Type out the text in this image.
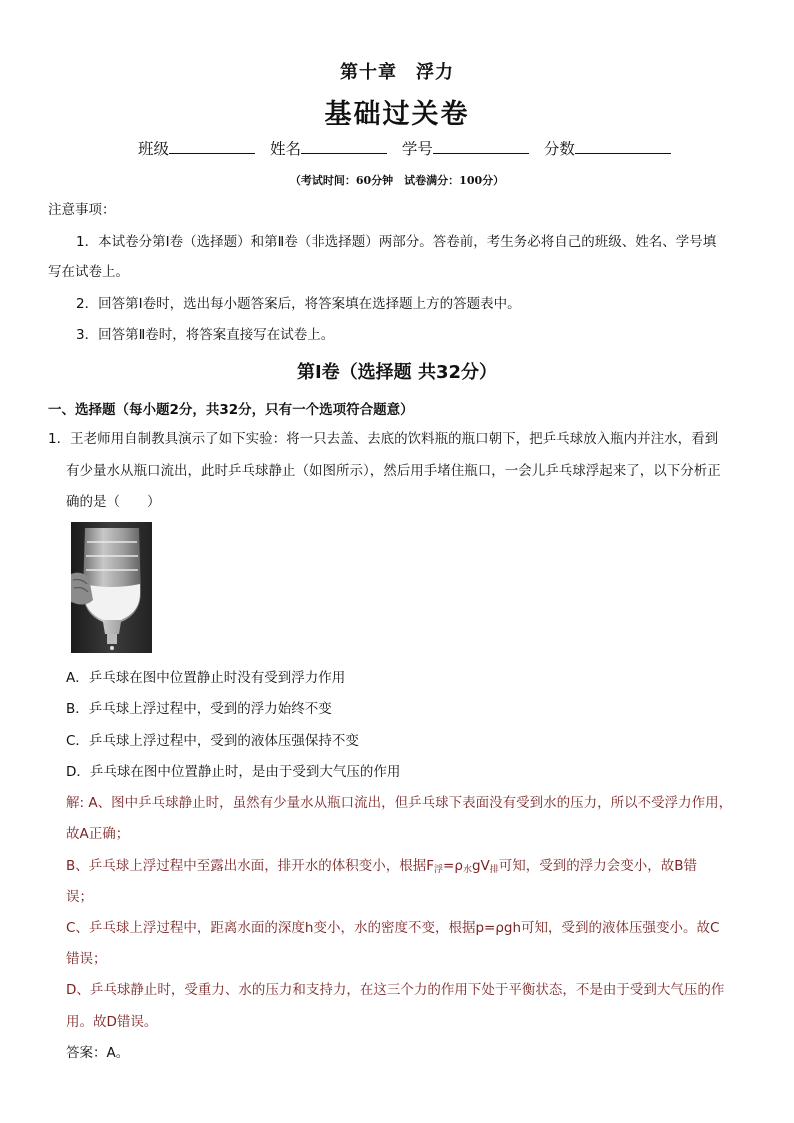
第十章　浮力
基础过关卷
班级	姓名	学号	分数
（考试时间：60分钟　试卷满分：100分）
注意事项：
1．本试卷分第Ⅰ卷（选择题）和第Ⅱ卷（非选择题）两部分。答卷前，考生务必将自己的班级、姓名、学号填
写在试卷上。
2．回答第Ⅰ卷时，选出每小题答案后，将答案填在选择题上方的答题表中。
3．回答第Ⅱ卷时，将答案直接写在试卷上。
第Ⅰ卷（选择题 共32分）
一、选择题（每小题2分，共32分，只有一个选项符合题意）
1．王老师用自制教具演示了如下实验：将一只去盖、去底的饮料瓶的瓶口朝下，把乒乓球放入瓶内并注水，看到
有少量水从瓶口流出，此时乒乓球静止（如图所示），然后用手堵住瓶口，一会儿乒乓球浮起来了，以下分析正
确的是（　　）
A．乒乓球在图中位置静止时没有受到浮力作用
B．乒乓球上浮过程中，受到的浮力始终不变
C．乒乓球上浮过程中，受到的液体压强保持不变
D．乒乓球在图中位置静止时，是由于受到大气压的作用
解: A、图中乒乓球静止时，虽然有少量水从瓶口流出，但乒乓球下表面没有受到水的压力，所以不受浮力作用，
故A正确；
B、乒乓球上浮过程中至露出水面，排开水的体积变小，根据$F_浮=\rho_水gV_排$可知，受到的浮力会变小，故B错
误；
C、乒乓球上浮过程中，距离水面的深度h变小，水的密度不变，根据p=ρgh可知，受到的液体压强变小。故C
错误；
D、乒乓球静止时，受重力、水的压力和支持力，在这三个力的作用下处于平衡状态，不是由于受到大气压的作
用。故D错误。
答案：A。
